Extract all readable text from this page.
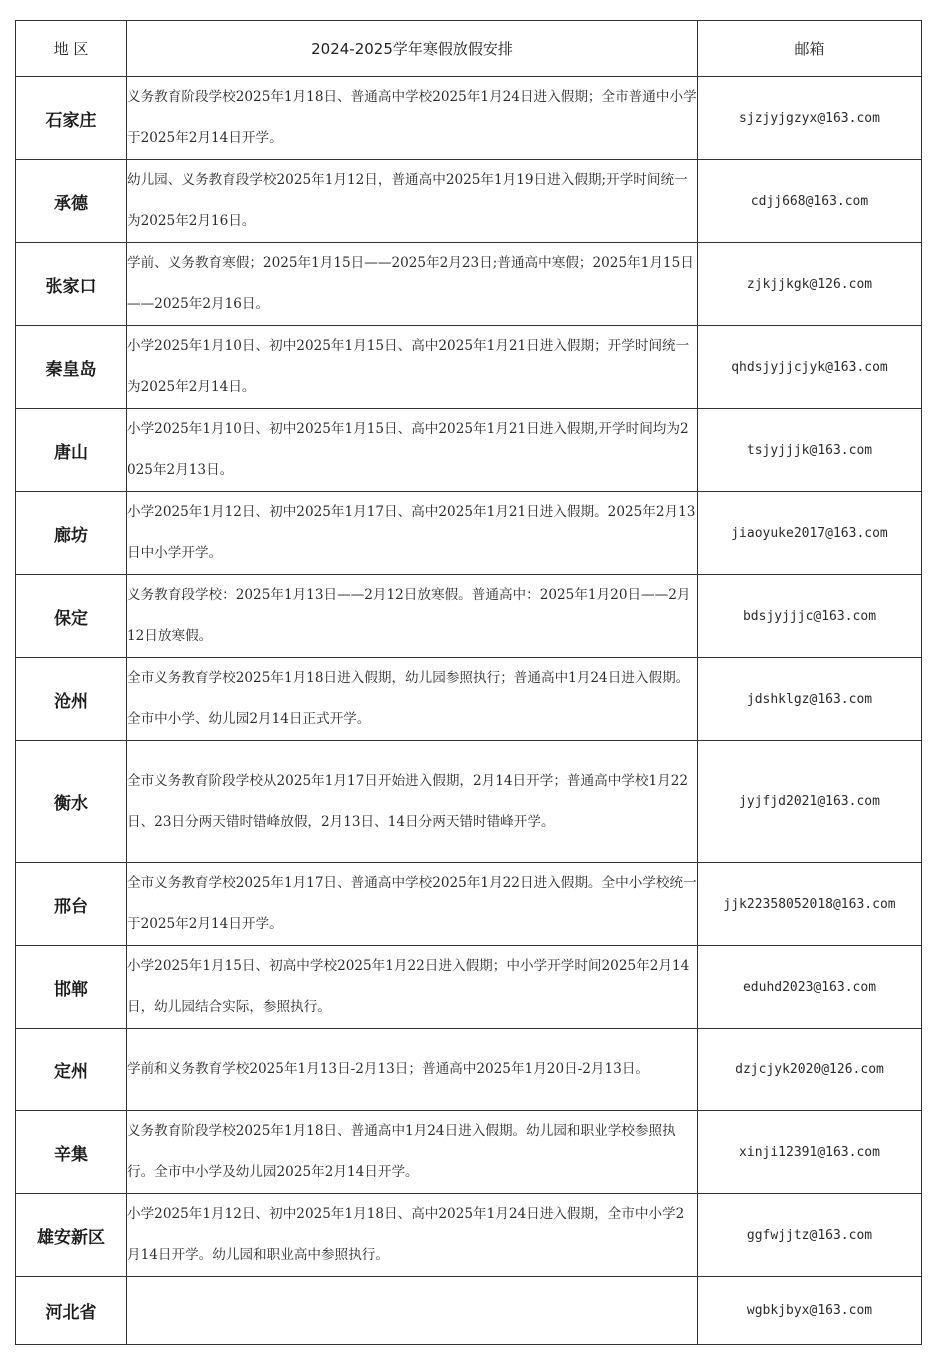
地 区	2024-2025学年寒假放假安排	邮箱
石家庄	义务教育阶段学校2025年1月18日、普通高中学校2025年1月24日进入假期；全市普通中小学于2025年2月14日开学。	sjzjyjgzyx@163.com
承德	幼儿园、义务教育段学校2025年1月12日，普通高中2025年1月19日进入假期;开学时间统一为2025年2月16日。	cdjj668@163.com
张家口	学前、义务教育寒假；2025年1月15日——2025年2月23日;普通高中寒假；2025年1月15日——2025年2月16日。	zjkjjkgk@126.com
秦皇岛	小学2025年1月10日、初中2025年1月15日、高中2025年1月21日进入假期；开学时间统一为2025年2月14日。	qhdsjyjjcjyk@163.com
唐山	小学2025年1月10日、初中2025年1月15日、高中2025年1月21日进入假期,开学时间均为2025年2月13日。	tsjyjjjk@163.com
廊坊	小学2025年1月12日、初中2025年1月17日、高中2025年1月21日进入假期。2025年2月13日中小学开学。	jiaoyuke2017@163.com
保定	义务教育段学校：2025年1月13日——2月12日放寒假。普通高中：2025年1月20日——2月12日放寒假。	bdsjyjjjc@163.com
沧州	全市义务教育学校2025年1月18日进入假期，幼儿园参照执行；普通高中1月24日进入假期。全市中小学、幼儿园2月14日正式开学。	jdshklgz@163.com
衡水	全市义务教育阶段学校从2025年1月17日开始进入假期，2月14日开学；普通高中学校1月22日、23日分两天错时错峰放假，2月13日、14日分两天错时错峰开学。	jyjfjd2021@163.com
邢台	全市义务教育学校2025年1月17日、普通高中学校2025年1月22日进入假期。全中小学校统一于2025年2月14日开学。	jjk22358052018@163.com
邯郸	小学2025年1月15日、初高中学校2025年1月22日进入假期；中小学开学时间2025年2月14日，幼儿园结合实际，参照执行。	eduhd2023@163.com
定州	学前和义务教育学校2025年1月13日-2月13日；普通高中2025年1月20日-2月13日。	dzjcjyk2020@126.com
辛集	义务教育阶段学校2025年1月18日、普通高中1月24日进入假期。幼儿园和职业学校参照执行。全市中小学及幼儿园2025年2月14日开学。	xinji12391@163.com
雄安新区	小学2025年1月12日、初中2025年1月18日、高中2025年1月24日进入假期，全市中小学2月14日开学。幼儿园和职业高中参照执行。	ggfwjjtz@163.com
河北省		wgbkjbyx@163.com
